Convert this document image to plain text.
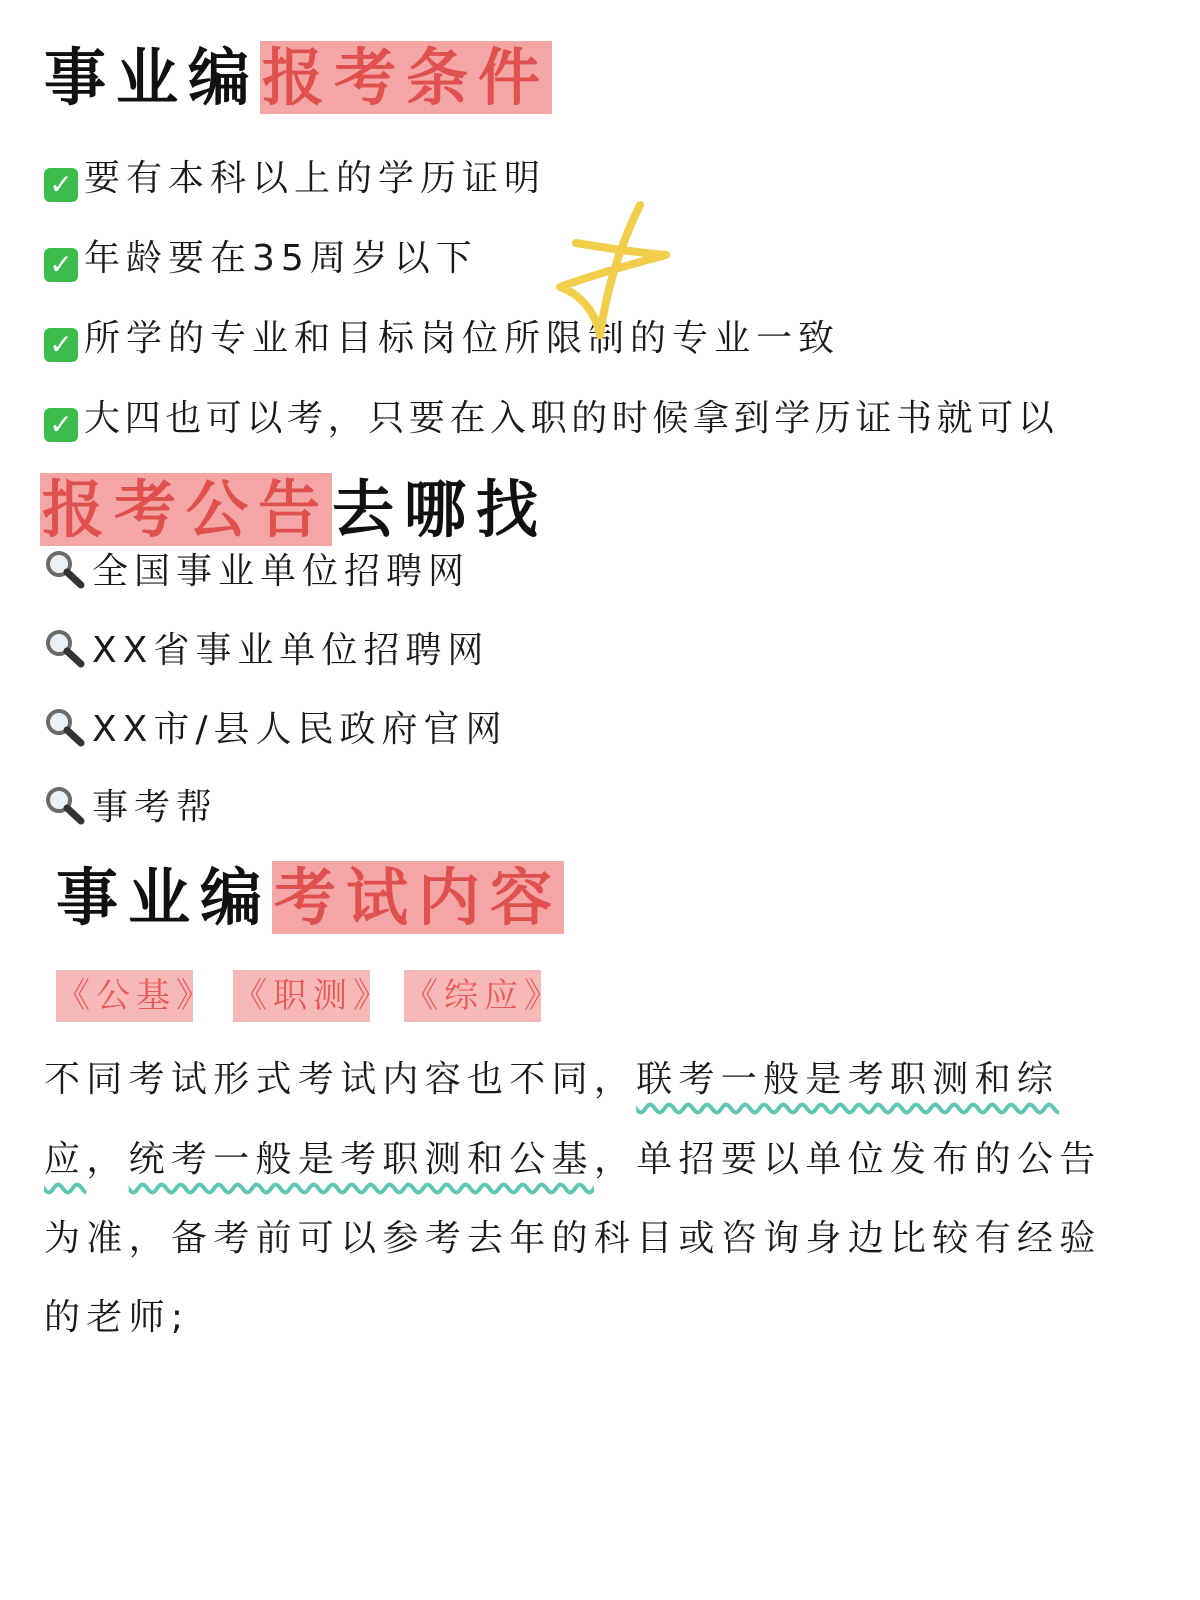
事业编报考条件

✓ 要有本科以上的学历证明

✓ 年龄要在35周岁以下

✓ 所学的专业和目标岗位所限制的专业一致

✓ 大四也可以考，只要在入职的时候拿到学历证书就可以

报考公告去哪找

全国事业单位招聘网

XX省事业单位招聘网

XX市/县人民政府官网

事考帮

事业编考试内容
《公基》 《职测》 《综应》

不同考试形式考试内容也不同，联考一般是考职测和综

应，统考一般是考职测和公基，单招要以单位发布的公告

为准，备考前可以参考去年的科目或咨询身边比较有经验

的老师;
